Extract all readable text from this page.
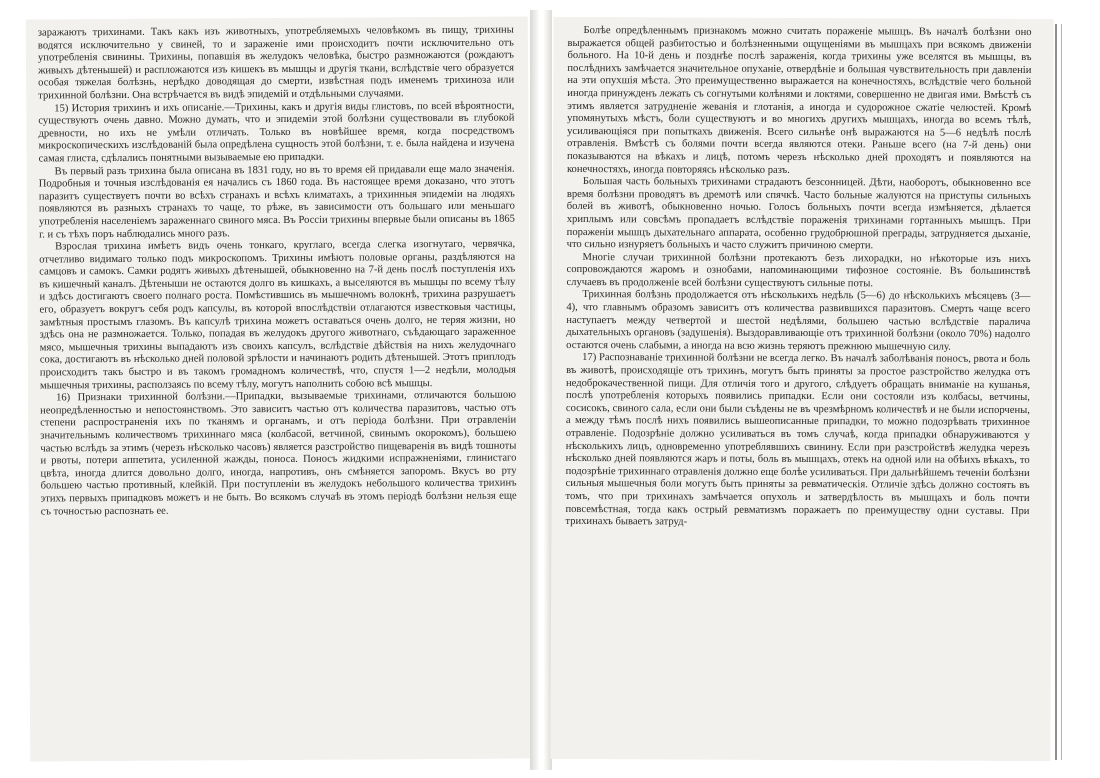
заражаютъ трихинами. Такъ какъ изъ животныхъ, употребляемыхъ человѣкомъ въ пищу, трихины водятся исключительно у свиней, то и зараженіе ими происходитъ почти исключительно отъ употребленія свинины. Трихины, попавшія въ желудокъ человѣка, быстро размножаются (рождаютъ живыхъ дѣтенышей) и распложаются изъ кишекъ въ мышцы и другія ткани, вслѣдствіе чего образуется особая тяжелая болѣзнь, нерѣдко доводящая до смерти, извѣстная подъ именемъ трихиноза или трихинной болѣзни. Она встрѣчается въ видѣ эпидемій и отдѣльными случаями.

15) История трихинъ и ихъ описаніе.—Трихины, какъ и другія виды глистовъ, по всей вѣроятности, существуютъ очень давно. Можно думать, что и эпидеміи этой болѣзни существовали въ глубокой древности, но ихъ не умѣли отличать. Только въ новѣйшее время, когда посредствомъ микроскопическихъ изслѣдованій была опредѣлена сущность этой болѣзни, т. е. была найдена и изучена самая глиста, сдѣлались понятными вызываемые ею припадки.

Въ первый разъ трихина была описана въ 1831 году, но въ то время ей придавали еще мало значенія. Подробныя и точныя изслѣдованія ея начались съ 1860 года. Въ настоящее время доказано, что этотъ паразитъ существуетъ почти во всѣхъ странахъ и всѣхъ климатахъ, а трихинныя эпидеміи на людяхъ появляются въ разныхъ странахъ то чаще, то рѣже, въ зависимости отъ большаго или меньшаго употребленія населеніемъ зараженнаго свиного мяса. Въ Россіи трихины впервые были описаны въ 1865 г. и съ тѣхъ поръ наблюдались много разъ.

Взрослая трихина имѣетъ видъ очень тонкаго, круглаго, всегда слегка изогнутаго, червячка, отчетливо видимаго только подъ микроскопомъ. Трихины имѣютъ половые органы, раздѣляются на самцовъ и самокъ. Самки родятъ живыхъ дѣтенышей, обыкновенно на 7-й день послѣ поступленія ихъ въ кишечный каналъ. Дѣтеныши не остаются долго въ кишкахъ, а выселяются въ мышцы по всему тѣлу и здѣсь достигаютъ своего полнаго роста. Помѣстившись въ мышечномъ волокнѣ, трихина разрушаетъ его, образуетъ вокругъ себя родъ капсулы, въ которой впослѣдствіи отлагаются известковыя частицы, замѣтныя простымъ глазомъ. Въ капсулѣ трихина можетъ оставаться очень долго, не теряя жизни, но здѣсь она не размножается. Только, попадая въ желудокъ другого животнаго, съѣдающаго зараженное мясо, мышечныя трихины выпадаютъ изъ своихъ капсулъ, вслѣдствіе дѣйствія на нихъ желудочнаго сока, достигаютъ въ нѣсколько дней половой зрѣлости и начинаютъ родить дѣтенышей. Этотъ приплодъ происходитъ такъ быстро и въ такомъ громадномъ количествѣ, что, спустя 1—2 недѣли, молодыя мышечныя трихины, расползаясь по всему тѣлу, могутъ наполнить собою всѣ мышцы.

16) Признаки трихинной болѣзни.—Припадки, вызываемые трихинами, отличаются большою неопредѣленностью и непостоянствомъ. Это зависитъ частью отъ количества паразитовъ, частью отъ степени распространенія ихъ по тканямъ и органамъ, и отъ періода болѣзни. При отравленіи значительнымъ количествомъ трихиннаго мяса (колбасой, ветчиной, свинымъ окорокомъ), большею частью вслѣдъ за этимъ (черезъ нѣсколько часовъ) является разстройство пищеваренія въ видѣ тошноты и рвоты, потери аппетита, усиленной жажды, поноса. Поносъ жидкими испражненіями, глинистаго цвѣта, иногда длится довольно долго, иногда, напротивъ, онъ смѣняется запоромъ. Вкусъ во рту большею частью противный, клейкій. При поступленіи въ желудокъ небольшого количества трихинъ этихъ первыхъ припадковъ можетъ и не быть. Во всякомъ случаѣ въ этомъ періодѣ болѣзни нельзя еще съ точностью распознать ее.

Болѣе опредѣленнымъ признакомъ можно считать пораженіе мышцъ. Въ началѣ болѣзни оно выражается общей разбитостью и болѣзненными ощущеніями въ мышцахъ при всякомъ движеніи больного. На 10-й день и позднѣе послѣ зараженія, когда трихины уже вселятся въ мышцы, въ послѣднихъ замѣчается значительное опуханіе, отвердѣніе и большая чувствительность при давленіи на эти опухшія мѣста. Это преимущественно выражается на конечностяхъ, вслѣдствіе чего больной иногда принужденъ лежать съ согнутыми колѣнями и локтями, совершенно не двигая ими. Вмѣстѣ съ этимъ является затрудненіе жеванія и глотанія, а иногда и судорожное сжатіе челюстей. Кромѣ упомянутыхъ мѣстъ, боли существуютъ и во многихъ другихъ мышцахъ, иногда во всемъ тѣлѣ, усиливающіяся при попыткахъ движенія. Всего сильнѣе онѣ выражаются на 5—6 недѣлѣ послѣ отравленія. Вмѣстѣ съ болями почти всегда являются отеки. Раньше всего (на 7-й день) они показываются на вѣкахъ и лицѣ, потомъ черезъ нѣсколько дней проходятъ и появляются на конечностяхъ, иногда повторяясь нѣсколько разъ.

Большая часть больныхъ трихинами страдаютъ безсонницей. Дѣти, наоборотъ, обыкновенно все время болѣзни проводятъ въ дремотѣ или спячкѣ. Часто больные жалуются на приступы сильныхъ болей въ животѣ, обыкновенно ночью. Голосъ больныхъ почти всегда измѣняется, дѣлается хриплымъ или совсѣмъ пропадаетъ вслѣдствіе пораженія трихинами гортанныхъ мышцъ. При пораженіи мышцъ дыхательнаго аппарата, особенно грудобрюшной преграды, затрудняется дыханіе, что сильно изнуряетъ больныхъ и часто служитъ причиною смерти.

Многіе случаи трихинной болѣзни протекаютъ безъ лихорадки, но нѣкоторые изъ нихъ сопровождаются жаромъ и ознобами, напоминающими тифозное состояніе. Въ большинствѣ случаевъ въ продолженіе всей болѣзни существуютъ сильные поты.

Трихинная болѣзнь продолжается отъ нѣсколькихъ недѣль (5—6) до нѣсколькихъ мѣсяцевъ (3—4), что главнымъ образомъ зависитъ отъ количества развившихся паразитовъ. Смерть чаще всего наступаетъ между четвертой и шестой недѣлями, большею частью вслѣдствіе паралича дыхательныхъ органовъ (задушенія). Выздоравливающіе отъ трихинной болѣзни (около 70%) надолго остаются очень слабыми, а иногда на всю жизнь теряютъ прежнюю мышечную силу.

17) Распознаваніе трихинной болѣзни не всегда легко. Въ началѣ заболѣванія поносъ, рвота и боль въ животѣ, происходящіе отъ трихинъ, могутъ быть приняты за простое разстройство желудка отъ недоброкачественной пищи. Для отличія того и другого, слѣдуетъ обращать вниманіе на кушанья, послѣ употребленія которыхъ появились припадки. Если они состояли изъ колбасы, ветчины, сосисокъ, свиного сала, если они были съѣдены не въ чрезмѣрномъ количествѣ и не были испорчены, а между тѣмъ послѣ нихъ появились вышеописанные припадки, то можно подозрѣвать трихинное отравленіе. Подозрѣніе должно усиливаться въ томъ случаѣ, когда припадки обнаруживаются у нѣсколькихъ лицъ, одновременно употреблявшихъ свинину. Если при разстройствѣ желудка черезъ нѣсколько дней появляются жаръ и поты, боль въ мышцахъ, отекъ на одной или на обѣихъ вѣкахъ, то подозрѣніе трихиннаго отравленія должно еще болѣе усиливаться. При дальнѣйшемъ теченіи болѣзни сильныя мышечныя боли могутъ быть приняты за ревматическія. Отличіе здѣсь должно состоять въ томъ, что при трихинахъ замѣчается опухоль и затвердѣлость въ мышцахъ и боль почти повсемѣстная, тогда какъ острый ревматизмъ поражаетъ по преимуществу одни суставы. При трихинахъ бываетъ затруд-
